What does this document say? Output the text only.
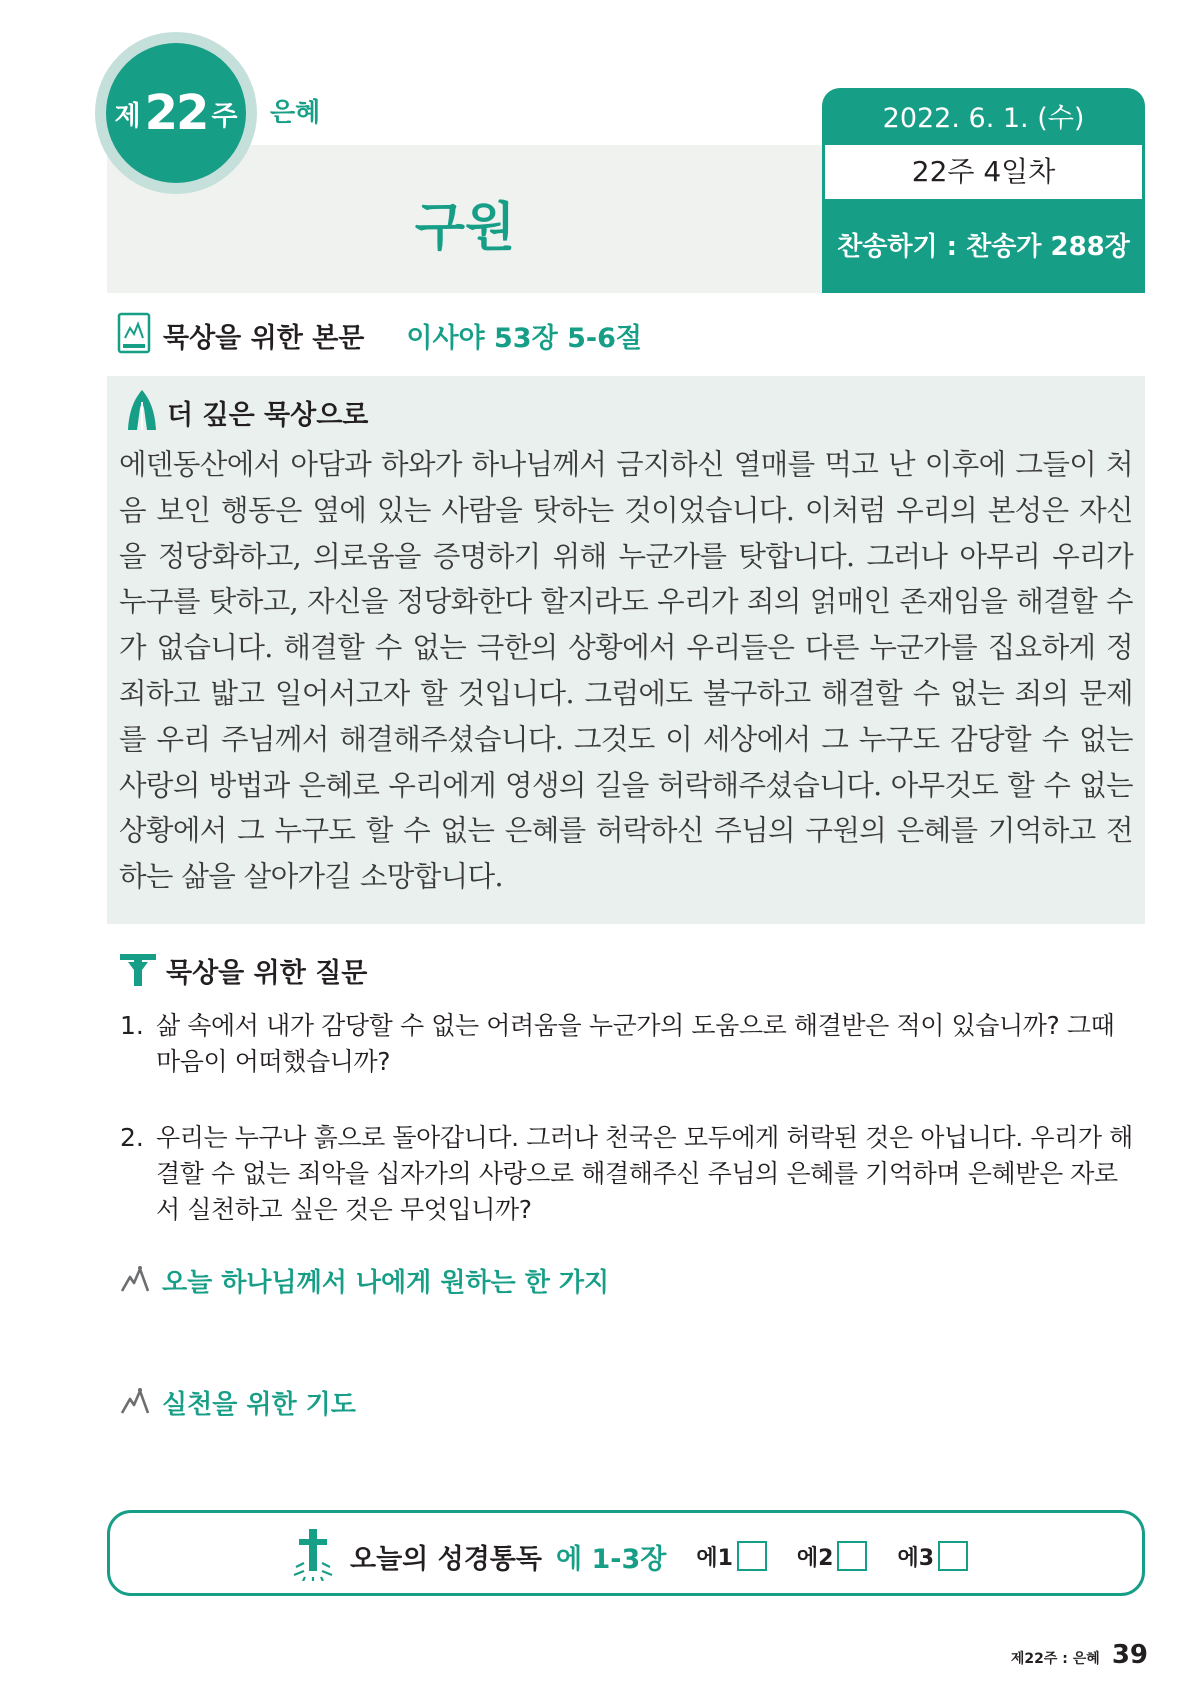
제 22 주 은혜
구원
2022. 6. 1. (수)
22주 4일차
찬송하기 : 찬송가 288장
묵상을 위한 본문 이사야 53장 5-6절
더 깊은 묵상으로
에덴동산에서 아담과 하와가 하나님께서 금지하신 열매를 먹고 난 이후에 그들이 처음 보인 행동은 옆에 있는 사람을 탓하는 것이었습니다. 이처럼 우리의 본성은 자신을 정당화하고, 의로움을 증명하기 위해 누군가를 탓합니다. 그러나 아무리 우리가 누구를 탓하고, 자신을 정당화한다 할지라도 우리가 죄의 얽매인 존재임을 해결할 수가 없습니다. 해결할 수 없는 극한의 상황에서 우리들은 다른 누군가를 집요하게 정죄하고 밟고 일어서고자 할 것입니다. 그럼에도 불구하고 해결할 수 없는 죄의 문제를 우리 주님께서 해결해주셨습니다. 그것도 이 세상에서 그 누구도 감당할 수 없는 사랑의 방법과 은혜로 우리에게 영생의 길을 허락해주셨습니다. 아무것도 할 수 없는 상황에서 그 누구도 할 수 없는 은혜를 허락하신 주님의 구원의 은혜를 기억하고 전하는 삶을 살아가길 소망합니다.
묵상을 위한 질문
1. 삶 속에서 내가 감당할 수 없는 어려움을 누군가의 도움으로 해결받은 적이 있습니까? 그때 마음이 어떠했습니까?
2. 우리는 누구나 흙으로 돌아갑니다. 그러나 천국은 모두에게 허락된 것은 아닙니다. 우리가 해결할 수 없는 죄악을 십자가의 사랑으로 해결해주신 주님의 은혜를 기억하며 은혜받은 자로서 실천하고 싶은 것은 무엇입니까?
오늘 하나님께서 나에게 원하는 한 가지
실천을 위한 기도
오늘의 성경통독 에 1-3장 에1	에2	에3
제22주 : 은혜 39
